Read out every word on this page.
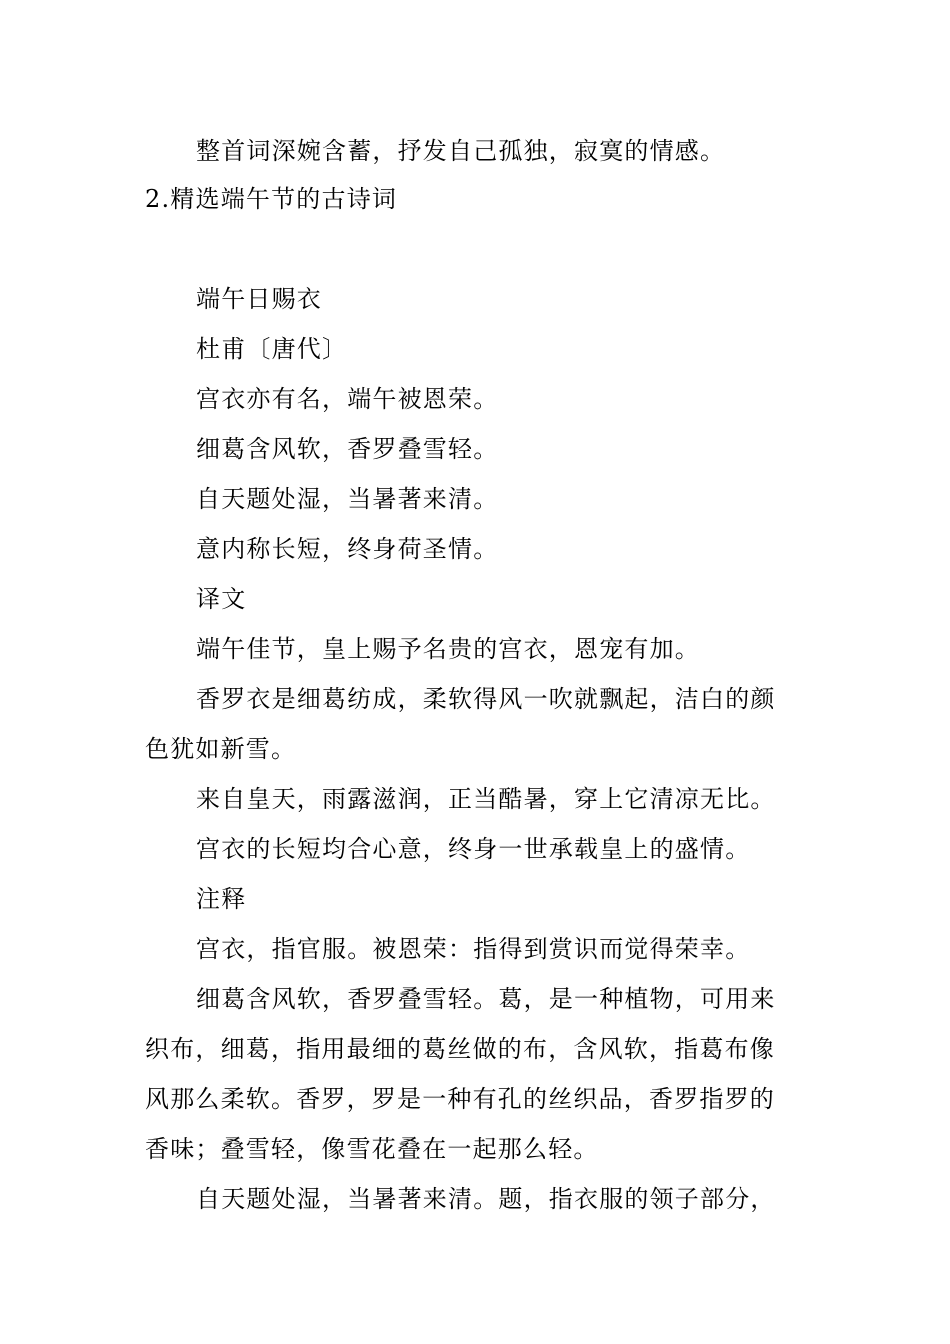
整首词深婉含蓄，抒发自己孤独，寂寞的情感。
2.精选端午节的古诗词
端午日赐衣
杜甫〔唐代〕
宫衣亦有名，端午被恩荣。
细葛含风软，香罗叠雪轻。
自天题处湿，当暑著来清。
意内称长短，终身荷圣情。
译文
端午佳节，皇上赐予名贵的宫衣，恩宠有加。
香罗衣是细葛纺成，柔软得风一吹就飘起，洁白的颜
色犹如新雪。
来自皇天，雨露滋润，正当酷暑，穿上它清凉无比。
宫衣的长短均合心意，终身一世承载皇上的盛情。
注释
宫衣，指官服。被恩荣：指得到赏识而觉得荣幸。
细葛含风软，香罗叠雪轻。葛，是一种植物，可用来
织布，细葛，指用最细的葛丝做的布，含风软，指葛布像
风那么柔软。香罗，罗是一种有孔的丝织品，香罗指罗的
香味；叠雪轻，像雪花叠在一起那么轻。
自天题处湿，当暑著来清。题，指衣服的领子部分，
